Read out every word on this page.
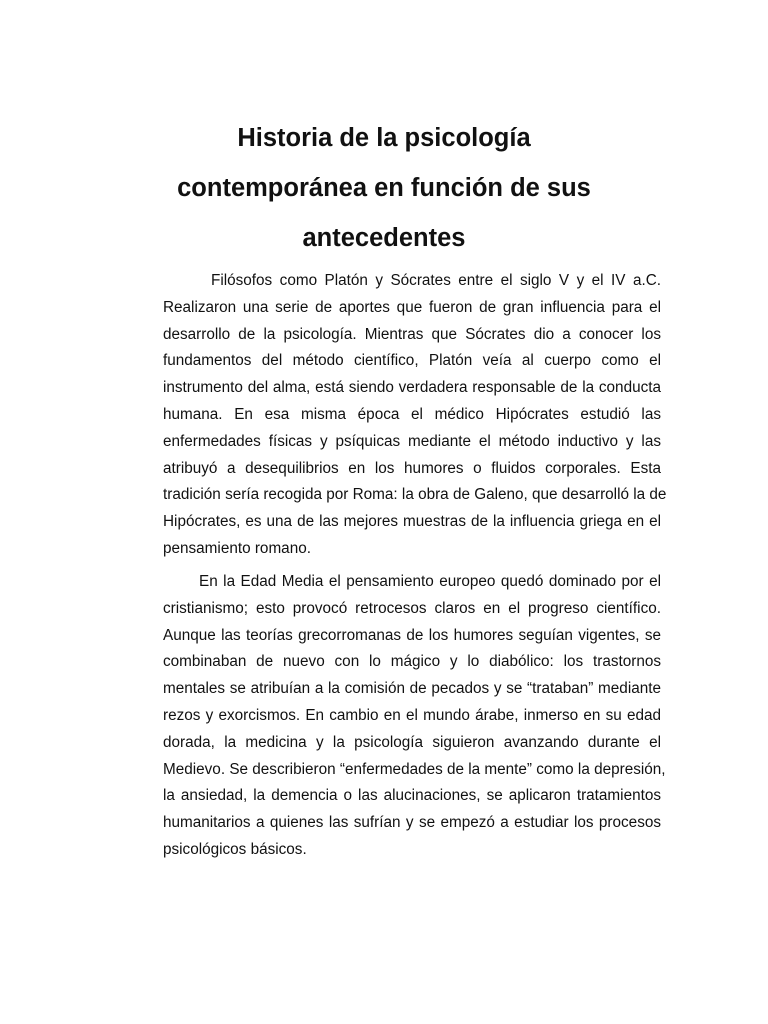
Historia de la psicología
contemporánea en función de sus
antecedentes
Filósofos como Platón y Sócrates entre el siglo V y el IV a.C.
Realizaron una serie de aportes que fueron de gran influencia para el
desarrollo de la psicología. Mientras que Sócrates dio a conocer los
fundamentos del método científico, Platón veía al cuerpo como el
instrumento del alma, está siendo verdadera responsable de la conducta
humana. En esa misma época el médico Hipócrates estudió las
enfermedades físicas y psíquicas mediante el método inductivo y las
atribuyó a desequilibrios en los humores o fluidos corporales. Esta
tradición sería recogida por Roma: la obra de Galeno, que desarrolló la de
Hipócrates, es una de las mejores muestras de la influencia griega en el
pensamiento romano.
En la Edad Media el pensamiento europeo quedó dominado por el
cristianismo; esto provocó retrocesos claros en el progreso científico.
Aunque las teorías grecorromanas de los humores seguían vigentes, se
combinaban de nuevo con lo mágico y lo diabólico: los trastornos
mentales se atribuían a la comisión de pecados y se “trataban” mediante
rezos y exorcismos. En cambio en el mundo árabe, inmerso en su edad
dorada, la medicina y la psicología siguieron avanzando durante el
Medievo. Se describieron “enfermedades de la mente” como la depresión,
la ansiedad, la demencia o las alucinaciones, se aplicaron tratamientos
humanitarios a quienes las sufrían y se empezó a estudiar los procesos
psicológicos básicos.
